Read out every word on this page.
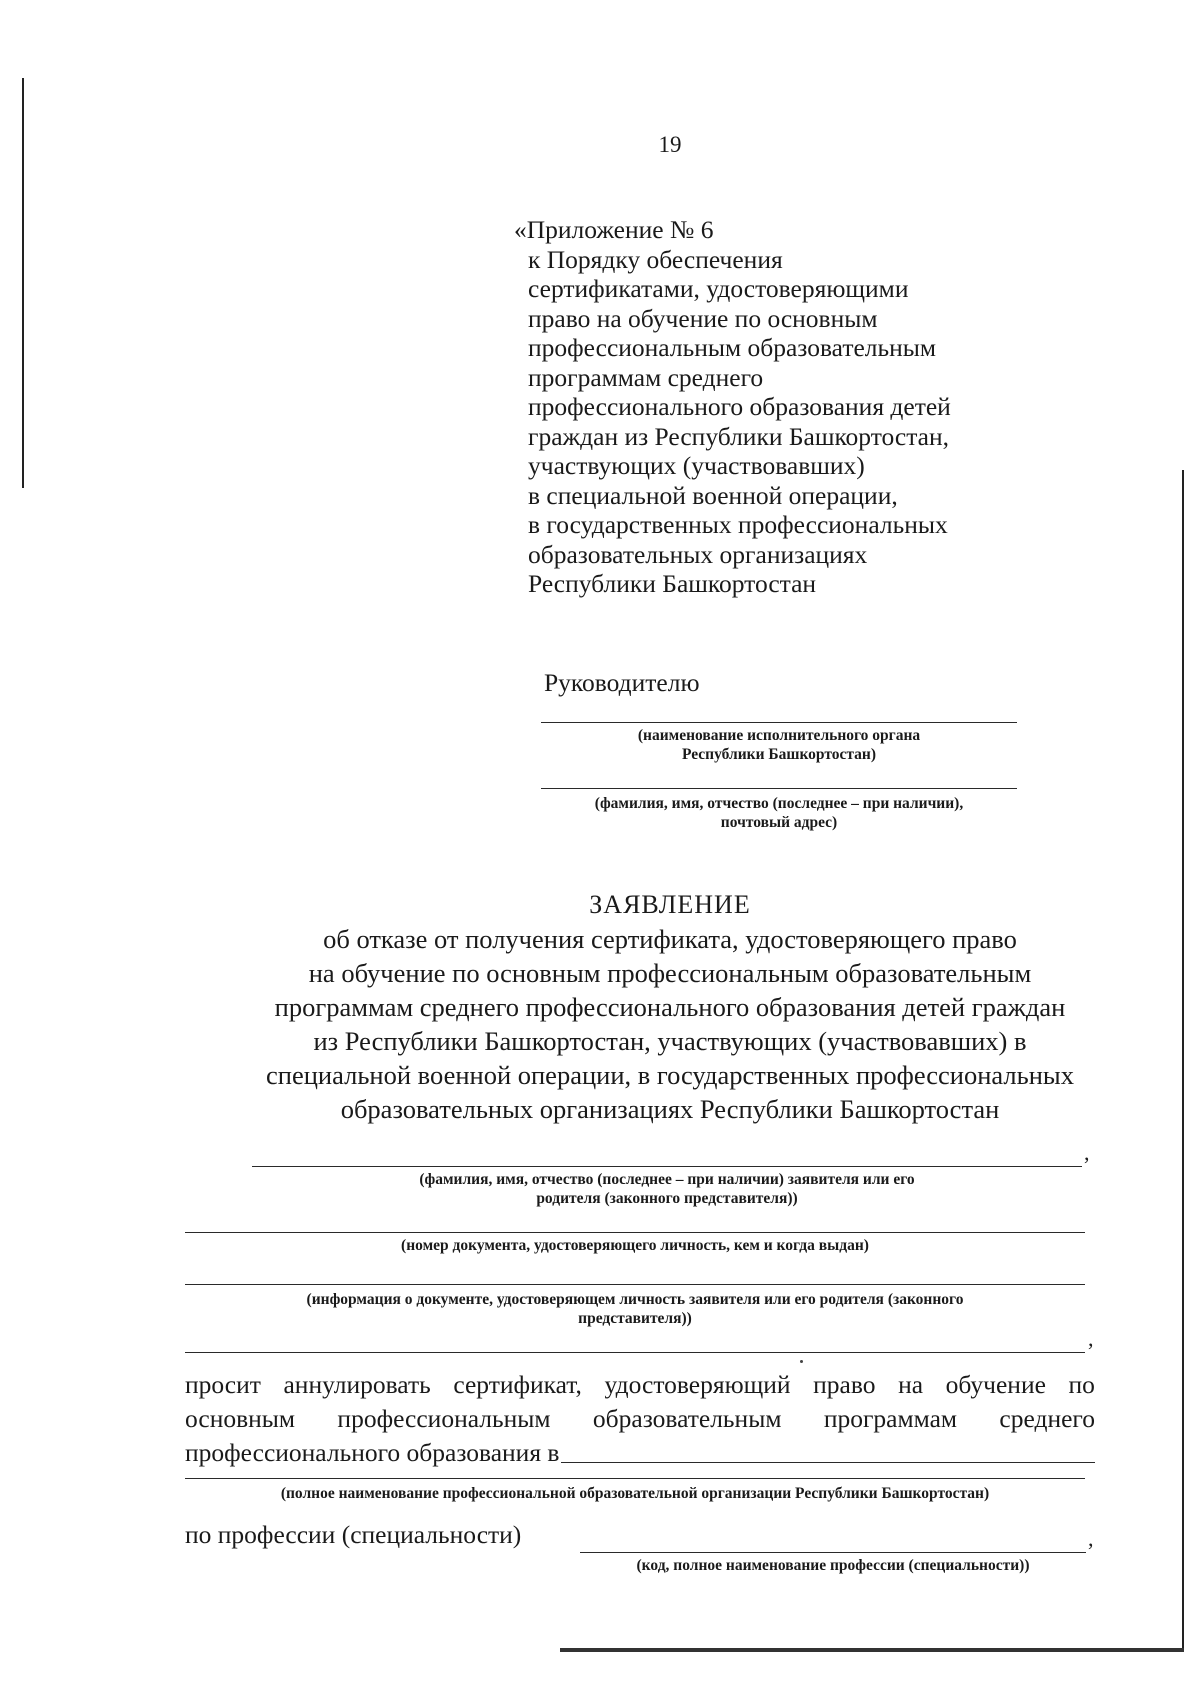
19
«Приложение № 6
к Порядку обеспечения
сертификатами, удостоверяющими
право на обучение по основным
профессиональным образовательным
программам среднего
профессионального образования детей
граждан из Республики Башкортостан,
участвующих (участвовавших)
в специальной военной операции,
в государственных профессиональных
образовательных организациях
Республики Башкортостан
Руководителю
(наименование исполнительного органа
Республики Башкортостан)
(фамилия, имя, отчество (последнее – при наличии),
почтовый адрес)
ЗАЯВЛЕНИЕ
об отказе от получения сертификата, удостоверяющего право
на обучение по основным профессиональным образовательным
программам среднего профессионального образования детей граждан
из Республики Башкортостан, участвующих (участвовавших) в
специальной военной операции, в государственных профессиональных
образовательных организациях Республики Башкортостан
,
(фамилия, имя, отчество (последнее – при наличии) заявителя или его
родителя (законного представителя))
(номер документа, удостоверяющего личность, кем и когда выдан)
(информация о документе, удостоверяющем личность заявителя или его родителя (законного
представителя))
,
просит аннулировать сертификат, удостоверяющий право на обучение по
основным профессиональным образовательным программам среднего
профессионального образования в
(полное наименование профессиональной образовательной организации Республики Башкортостан)
по профессии (специальности)	,
(код, полное наименование профессии (специальности))
